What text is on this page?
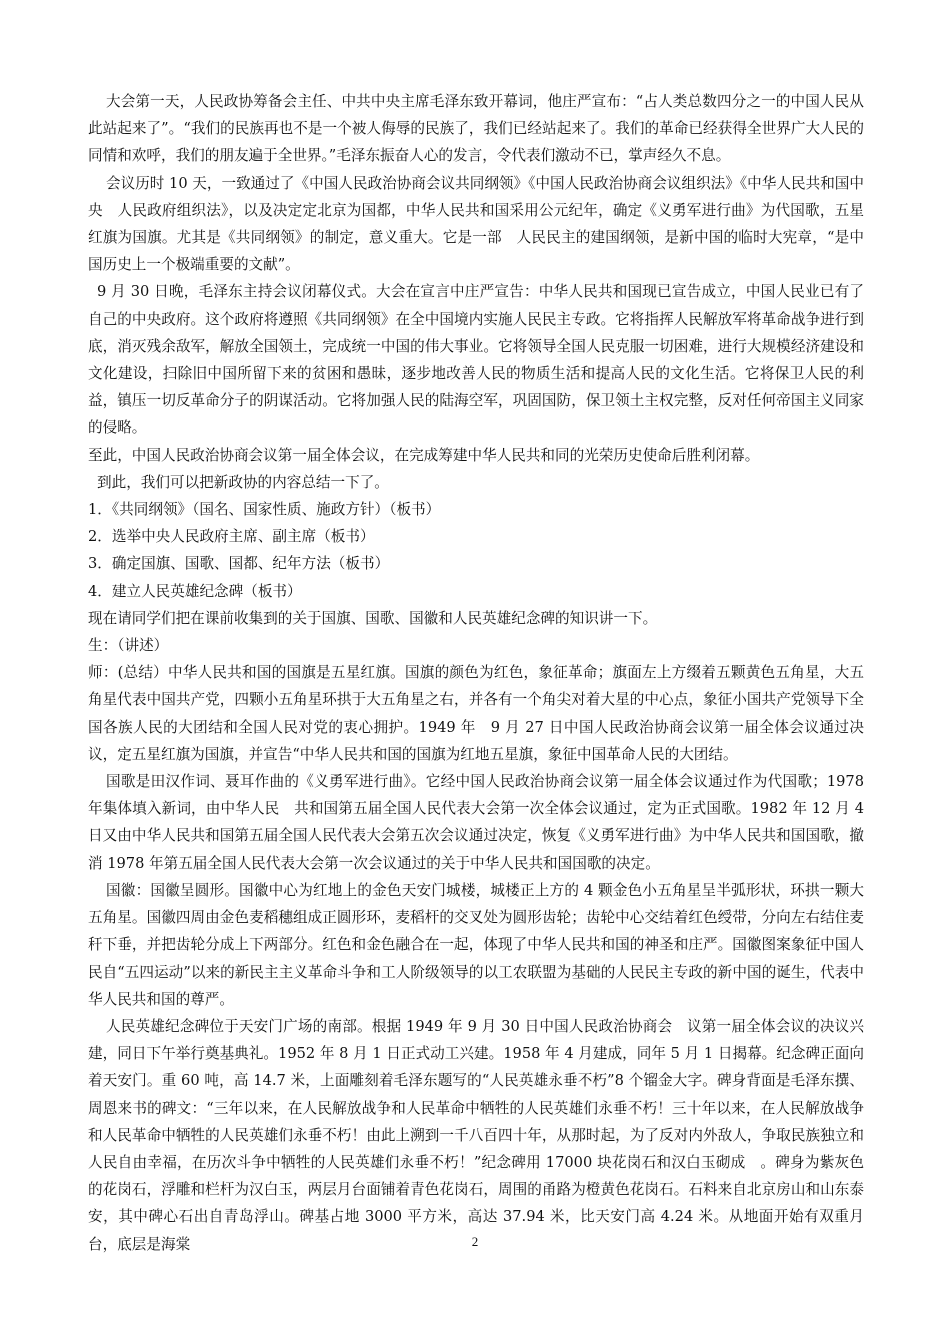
大会第一天，人民政协筹备会主任、中共中央主席毛泽东致开幕词，他庄严宣布：“占人类总数四分之一的中国人民从此站起来了”。“我们的民族再也不是一个被人侮辱的民族了，我们已经站起来了。我们的革命已经获得全世界广大人民的同情和欢呼，我们的朋友遍于全世界。”毛泽东振奋人心的发言，令代表们激动不已，掌声经久不息。

会议历时 10 天，一致通过了《中国人民政治协商会议共同纲领》《中国人民政治协商会议组织法》《中华人民共和国中央　人民政府组织法》，以及决定定北京为国都，中华人民共和国采用公元纪年，确定《义勇军进行曲》为代国歌，五星红旗为国旗。尤其是《共同纲领》的制定，意义重大。它是一部　人民民主的建国纲领，是新中国的临时大宪章，“是中国历史上一个极端重要的文献”。

9 月 30 日晚，毛泽东主持会议闭幕仪式。大会在宣言中庄严宣告：中华人民共和国现已宣告成立，中国人民业已有了自己的中央政府。这个政府将遵照《共同纲领》在全中国境内实施人民民主专政。它将指挥人民解放军将革命战争进行到底，消灭残余敌军，解放全国领土，完成统一中国的伟大事业。它将领导全国人民克服一切困难，进行大规模经济建设和文化建设，扫除旧中国所留下来的贫困和愚昧，逐步地改善人民的物质生活和提高人民的文化生活。它将保卫人民的利益，镇压一切反革命分子的阴谋活动。它将加强人民的陆海空军，巩固国防，保卫领土主权完整，反对任何帝国主义同家的侵略。

至此，中国人民政治协商会议第一届全体会议，在完成筹建中华人民共和同的光荣历史使命后胜利闭幕。

到此，我们可以把新政协的内容总结一下了。

1．《共同纲领》（国名、国家性质、施政方针）（板书）

2．选举中央人民政府主席、副主席（板书）

3．确定国旗、国歌、国都、纪年方法（板书）

4．建立人民英雄纪念碑（板书）

现在请同学们把在课前收集到的关于国旗、国歌、国徽和人民英雄纪念碑的知识讲一下。

生：（讲述）

师：(总结）中华人民共和国的国旗是五星红旗。国旗的颜色为红色，象征革命；旗面左上方缀着五颗黄色五角星，大五角星代表中国共产党，四颗小五角星环拱于大五角星之右，并各有一个角尖对着大星的中心点，象征小国共产党领导下全国各族人民的大团结和全国人民对党的衷心拥护。1949 年　9 月 27 日中国人民政治协商会议第一届全体会议通过决议，定五星红旗为国旗，并宣告“中华人民共和国的国旗为红地五星旗，象征中国革命人民的大团结。

国歌是田汉作词、聂耳作曲的《义勇军进行曲》。它经中国人民政治协商会议第一届全体会议通过作为代国歌；1978 年集体填入新词，由中华人民　共和国第五届全国人民代表大会第一次全体会议通过，定为正式国歌。1982 年 12 月 4 日又由中华人民共和国第五届全国人民代表大会第五次会议通过决定，恢复《义勇军进行曲》为中华人民共和国国歌，撤消 1978 年第五届全国人民代表大会第一次会议通过的关于中华人民共和国国歌的决定。

国徽：国徽呈圆形。国徽中心为红地上的金色天安门城楼，城楼正上方的 4 颗金色小五角星呈半弧形状，环拱一颗大五角星。国徽四周由金色麦稻穗组成正圆形环，麦稻杆的交叉处为圆形齿轮；齿轮中心交结着红色绶带，分向左右结住麦秆下垂，并把齿轮分成上下两部分。红色和金色融合在一起，体现了中华人民共和国的神圣和庄严。国徽图案象征中国人民自“五四运动”以来的新民主主义革命斗争和工人阶级领导的以工农联盟为基础的人民民主专政的新中国的诞生，代表中华人民共和国的尊严。

人民英雄纪念碑位于天安门广场的南部。根据 1949 年 9 月 30 日中国人民政治协商会　议第一届全体会议的决议兴建，同日下午举行奠基典礼。1952 年 8 月 1 日正式动工兴建。1958 年 4 月建成，同年 5 月 1 日揭幕。纪念碑正面向着天安门。重 60 吨，高 14.7 米，上面雕刻着毛泽东题写的“人民英雄永垂不朽”8 个镏金大字。碑身背面是毛泽东撰、周恩来书的碑文：“三年以来，在人民解放战争和人民革命中牺牲的人民英雄们永垂不朽！三十年以来，在人民解放战争和人民革命中牺牲的人民英雄们永垂不朽！由此上溯到一千八百四十年，从那时起，为了反对内外敌人，争取民族独立和人民自由幸福，在历次斗争中牺牲的人民英雄们永垂不朽！”纪念碑用 17000 块花岗石和汉白玉砌成　。碑身为紫灰色的花岗石，浮雕和栏杆为汉白玉，两层月台面铺着青色花岗石，周围的甬路为橙黄色花岗石。石料来自北京房山和山东泰安，其中碑心石出自青岛浮山。碑基占地 3000 平方米，高达 37.94 米，比天安门高 4.24 米。从地面开始有双重月台，底层是海棠	2
